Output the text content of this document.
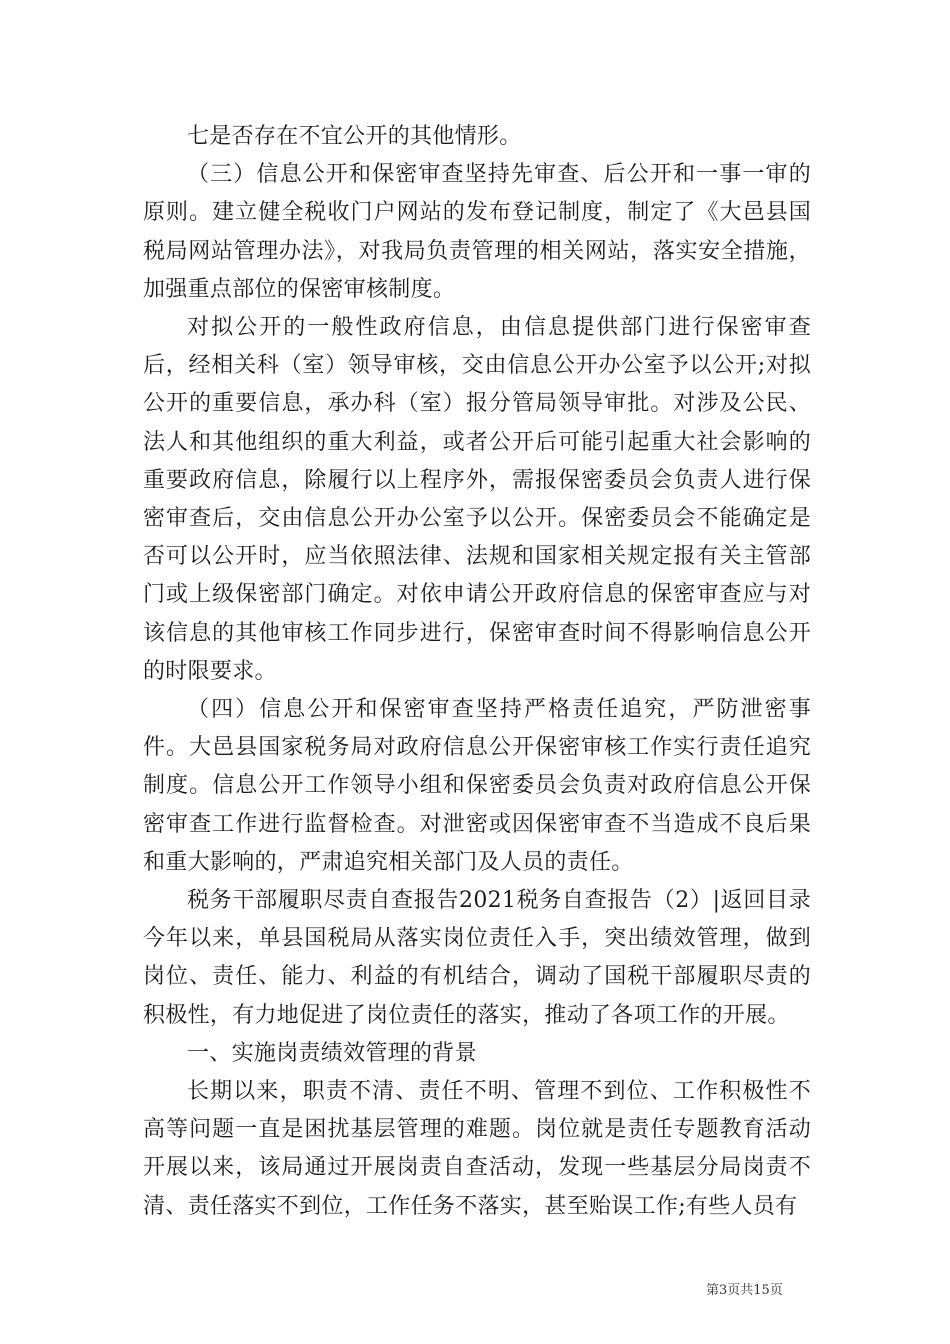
七是否存在不宜公开的其他情形。

（三）信息公开和保密审查坚持先审查、后公开和一事一审的原则。建立健全税收门户网站的发布登记制度，制定了《大邑县国税局网站管理办法》，对我局负责管理的相关网站，落实安全措施，加强重点部位的保密审核制度。

对拟公开的一般性政府信息，由信息提供部门进行保密审查后，经相关科（室）领导审核，交由信息公开办公室予以公开;对拟公开的重要信息，承办科（室）报分管局领导审批。对涉及公民、法人和其他组织的重大利益，或者公开后可能引起重大社会影响的重要政府信息，除履行以上程序外，需报保密委员会负责人进行保密审查后，交由信息公开办公室予以公开。保密委员会不能确定是否可以公开时，应当依照法律、法规和国家相关规定报有关主管部门或上级保密部门确定。对依申请公开政府信息的保密审查应与对该信息的其他审核工作同步进行，保密审查时间不得影响信息公开的时限要求。

（四）信息公开和保密审查坚持严格责任追究，严防泄密事件。大邑县国家税务局对政府信息公开保密审核工作实行责任追究制度。信息公开工作领导小组和保密委员会负责对政府信息公开保密审查工作进行监督检查。对泄密或因保密审查不当造成不良后果和重大影响的，严肃追究相关部门及人员的责任。

税务干部履职尽责自查报告2021税务自查报告（2）|返回目录今年以来，单县国税局从落实岗位责任入手，突出绩效管理，做到岗位、责任、能力、利益的有机结合，调动了国税干部履职尽责的积极性，有力地促进了岗位责任的落实，推动了各项工作的开展。

一、实施岗责绩效管理的背景

长期以来，职责不清、责任不明、管理不到位、工作积极性不高等问题一直是困扰基层管理的难题。岗位就是责任专题教育活动开展以来，该局通过开展岗责自查活动，发现一些基层分局岗责不清、责任落实不到位，工作任务不落实，甚至贻误工作;有些人员有

第3页共15页
